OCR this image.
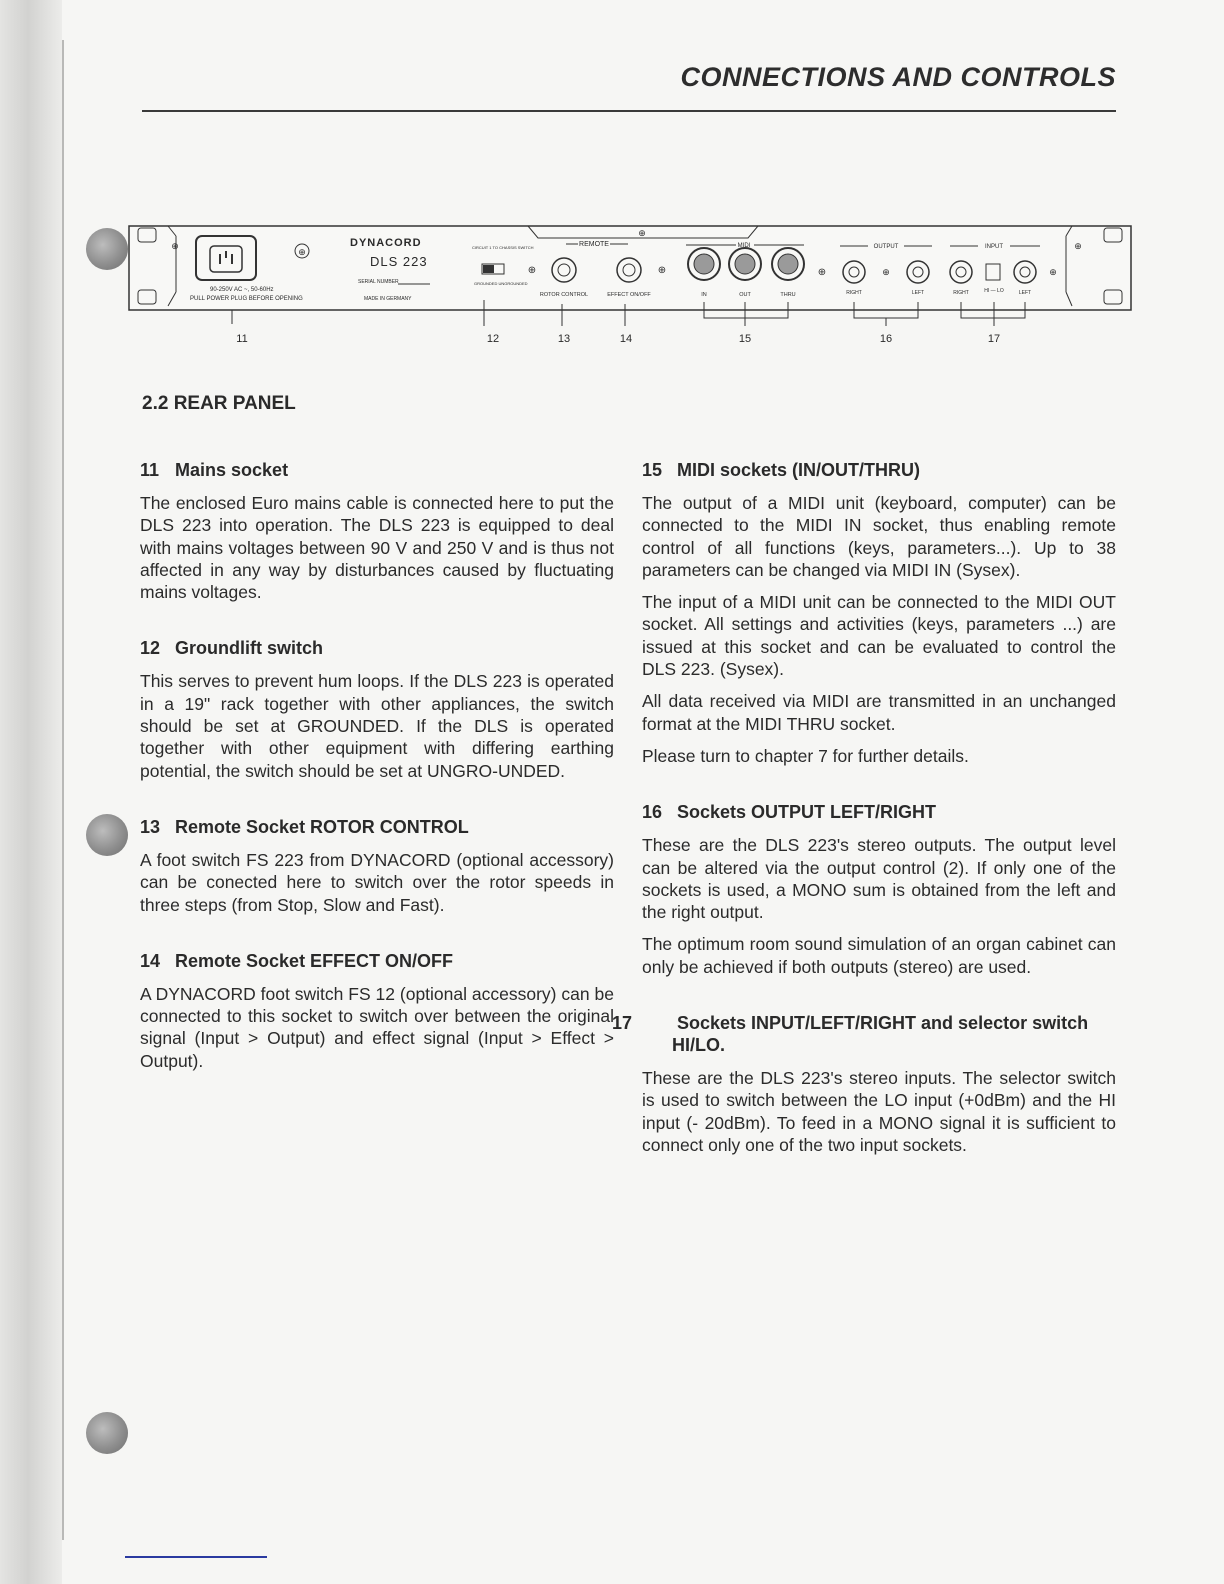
CONNECTIONS AND CONTROLS
⊕	⊕
⊕
90-250V AC ~, 50-60Hz
PULL POWER PLUG BEFORE OPENING
DYNACORD
DLS 223
SERIAL NUMBER
MADE IN GERMANY
CIRCUIT 1 TO CHASSIS SWITCH
GROUNDED UNGROUNDED
REMOTE
⊕	⊕
ROTOR CONTROL	EFFECT ON/OFF
⊕
MIDI
IN	OUT	THRU
⊕
OUTPUT
⊕
RIGHT	LEFT
INPUT
⊕
RIGHT	HI — LO	LEFT
11	12	13	14	15	16	17
2.2 REAR PANEL
11 Mains socket

The enclosed Euro mains cable is connected here to put the DLS 223 into operation. The DLS 223 is equipped to deal with mains voltages between 90 V and 250 V and is thus not affected in any way by disturbances caused by fluctuating mains voltages.

12 Groundlift switch

This serves to prevent hum loops. If the DLS 223 is operated in a 19" rack together with other appliances, the switch should be set at GROUNDED. If the DLS is operated together with other equipment with differing earthing potential, the switch should be set at UNGRO-UNDED.

13 Remote Socket ROTOR CONTROL

A foot switch FS 223 from DYNACORD (optional accessory) can be conected here to switch over the rotor speeds in three steps (from Stop, Slow and Fast).

14 Remote Socket EFFECT ON/OFF

A DYNACORD foot switch FS 12 (optional accessory) can be connected to this socket to switch over between the original signal (Input > Output) and effect signal (Input > Effect > Output).

15 MIDI sockets (IN/OUT/THRU)

The output of a MIDI unit (keyboard, computer) can be connected to the MIDI IN socket, thus enabling remote control of all functions (keys, parameters...). Up to 38 parameters can be changed via MIDI IN (Sysex).

The input of a MIDI unit can be connected to the MIDI OUT socket. All settings and activities (keys, parameters ...) are issued at this socket and can be evaluated to control the DLS 223. (Sysex).

All data received via MIDI are transmitted in an unchanged format at the MIDI THRU socket.

Please turn to chapter 7 for further details.

16 Sockets OUTPUT LEFT/RIGHT

These are the DLS 223's stereo outputs. The output level can be altered via the output control (2). If only one of the sockets is used, a MONO sum is obtained from the left and the right output.

The optimum room sound simulation of an organ cabinet can only be achieved if both outputs (stereo) are used.

17 Sockets INPUT/LEFT/RIGHT and selector switch HI/LO.

These are the DLS 223's stereo inputs. The selector switch is used to switch between the LO input (+0dBm) and the HI input (- 20dBm). To feed in a MONO signal it is sufficient to connect only one of the two input sockets.
